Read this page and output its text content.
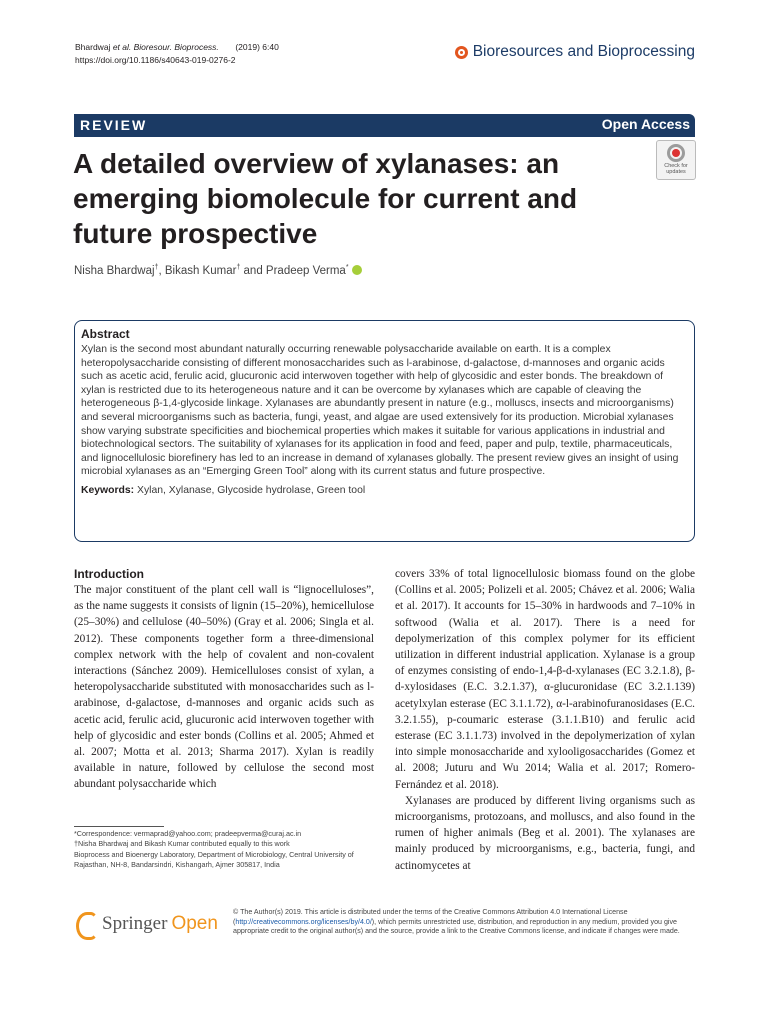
Bhardwaj et al. Bioresour. Bioprocess. (2019) 6:40
https://doi.org/10.1186/s40643-019-0276-2	Bioresources and Bioprocessing
REVIEW	Open Access
A detailed overview of xylanases: an emerging biomolecule for current and future prospective
Check for updates
Nisha Bhardwaj†, Bikash Kumar† and Pradeep Verma*
Abstract
Xylan is the second most abundant naturally occurring renewable polysaccharide available on earth. It is a complex heteropolysaccharide consisting of different monosaccharides such as l-arabinose, d-galactose, d-mannoses and organic acids such as acetic acid, ferulic acid, glucuronic acid interwoven together with help of glycosidic and ester bonds. The breakdown of xylan is restricted due to its heterogeneous nature and it can be overcome by xylanases which are capable of cleaving the heterogeneous β-1,4-glycoside linkage. Xylanases are abundantly present in nature (e.g., molluscs, insects and microorganisms) and several microorganisms such as bacteria, fungi, yeast, and algae are used extensively for its production. Microbial xylanases show varying substrate specificities and biochemical properties which makes it suitable for various applications in industrial and biotechnological sectors. The suitability of xylanases for its application in food and feed, paper and pulp, textile, pharmaceuticals, and lignocellulosic biorefinery has led to an increase in demand of xylanases globally. The present review gives an insight of using microbial xylanases as an “Emerging Green Tool” along with its current status and future prospective.
Keywords: Xylan, Xylanase, Glycoside hydrolase, Green tool
Introduction

The major constituent of the plant cell wall is “lignocelluloses”, as the name suggests it consists of lignin (15–20%), hemicellulose (25–30%) and cellulose (40–50%) (Gray et al. 2006; Singla et al. 2012). These components together form a three-dimensional complex network with the help of covalent and non-covalent interactions (Sánchez 2009). Hemicelluloses consist of xylan, a heteropolysaccharide substituted with monosaccharides such as l-arabinose, d-galactose, d-mannoses and organic acids such as acetic acid, ferulic acid, glucuronic acid interwoven together with help of glycosidic and ester bonds (Collins et al. 2005; Ahmed et al. 2007; Motta et al. 2013; Sharma 2017). Xylan is readily available in nature, followed by cellulose the second most abundant polysaccharide which

covers 33% of total lignocellulosic biomass found on the globe (Collins et al. 2005; Polizeli et al. 2005; Chávez et al. 2006; Walia et al. 2017). It accounts for 15–30% in hardwoods and 7–10% in softwood (Walia et al. 2017). There is a need for depolymerization of this complex polymer for its efficient utilization in different industrial application. Xylanase is a group of enzymes consisting of endo-1,4-β-d-xylanases (EC 3.2.1.8), β-d-xylosidases (E.C. 3.2.1.37), α-glucuronidase (EC 3.2.1.139) acetylxylan esterase (EC 3.1.1.72), α-l-arabinofuranosidases (E.C. 3.2.1.55), p-coumaric esterase (3.1.1.B10) and ferulic acid esterase (EC 3.1.1.73) involved in the depolymerization of xylan into simple monosaccharide and xylooligosaccharides (Gomez et al. 2008; Juturu and Wu 2014; Walia et al. 2017; Romero-Fernández et al. 2018).

Xylanases are produced by different living organisms such as microorganisms, protozoans, and molluscs, and also found in the rumen of higher animals (Beg et al. 2001). The xylanases are mainly produced by microorganisms, e.g., bacteria, fungi, and actinomycetes at

*Correspondence: vermaprad@yahoo.com; pradeepverma@curaj.ac.in
†Nisha Bhardwaj and Bikash Kumar contributed equally to this work
Bioprocess and Bioenergy Laboratory, Department of Microbiology, Central University of Rajasthan, NH-8, Bandarsindri, Kishangarh, Ajmer 305817, India
Springer Open
© The Author(s) 2019. This article is distributed under the terms of the Creative Commons Attribution 4.0 International License (http://creativecommons.org/licenses/by/4.0/), which permits unrestricted use, distribution, and reproduction in any medium, provided you give appropriate credit to the original author(s) and the source, provide a link to the Creative Commons license, and indicate if changes were made.
